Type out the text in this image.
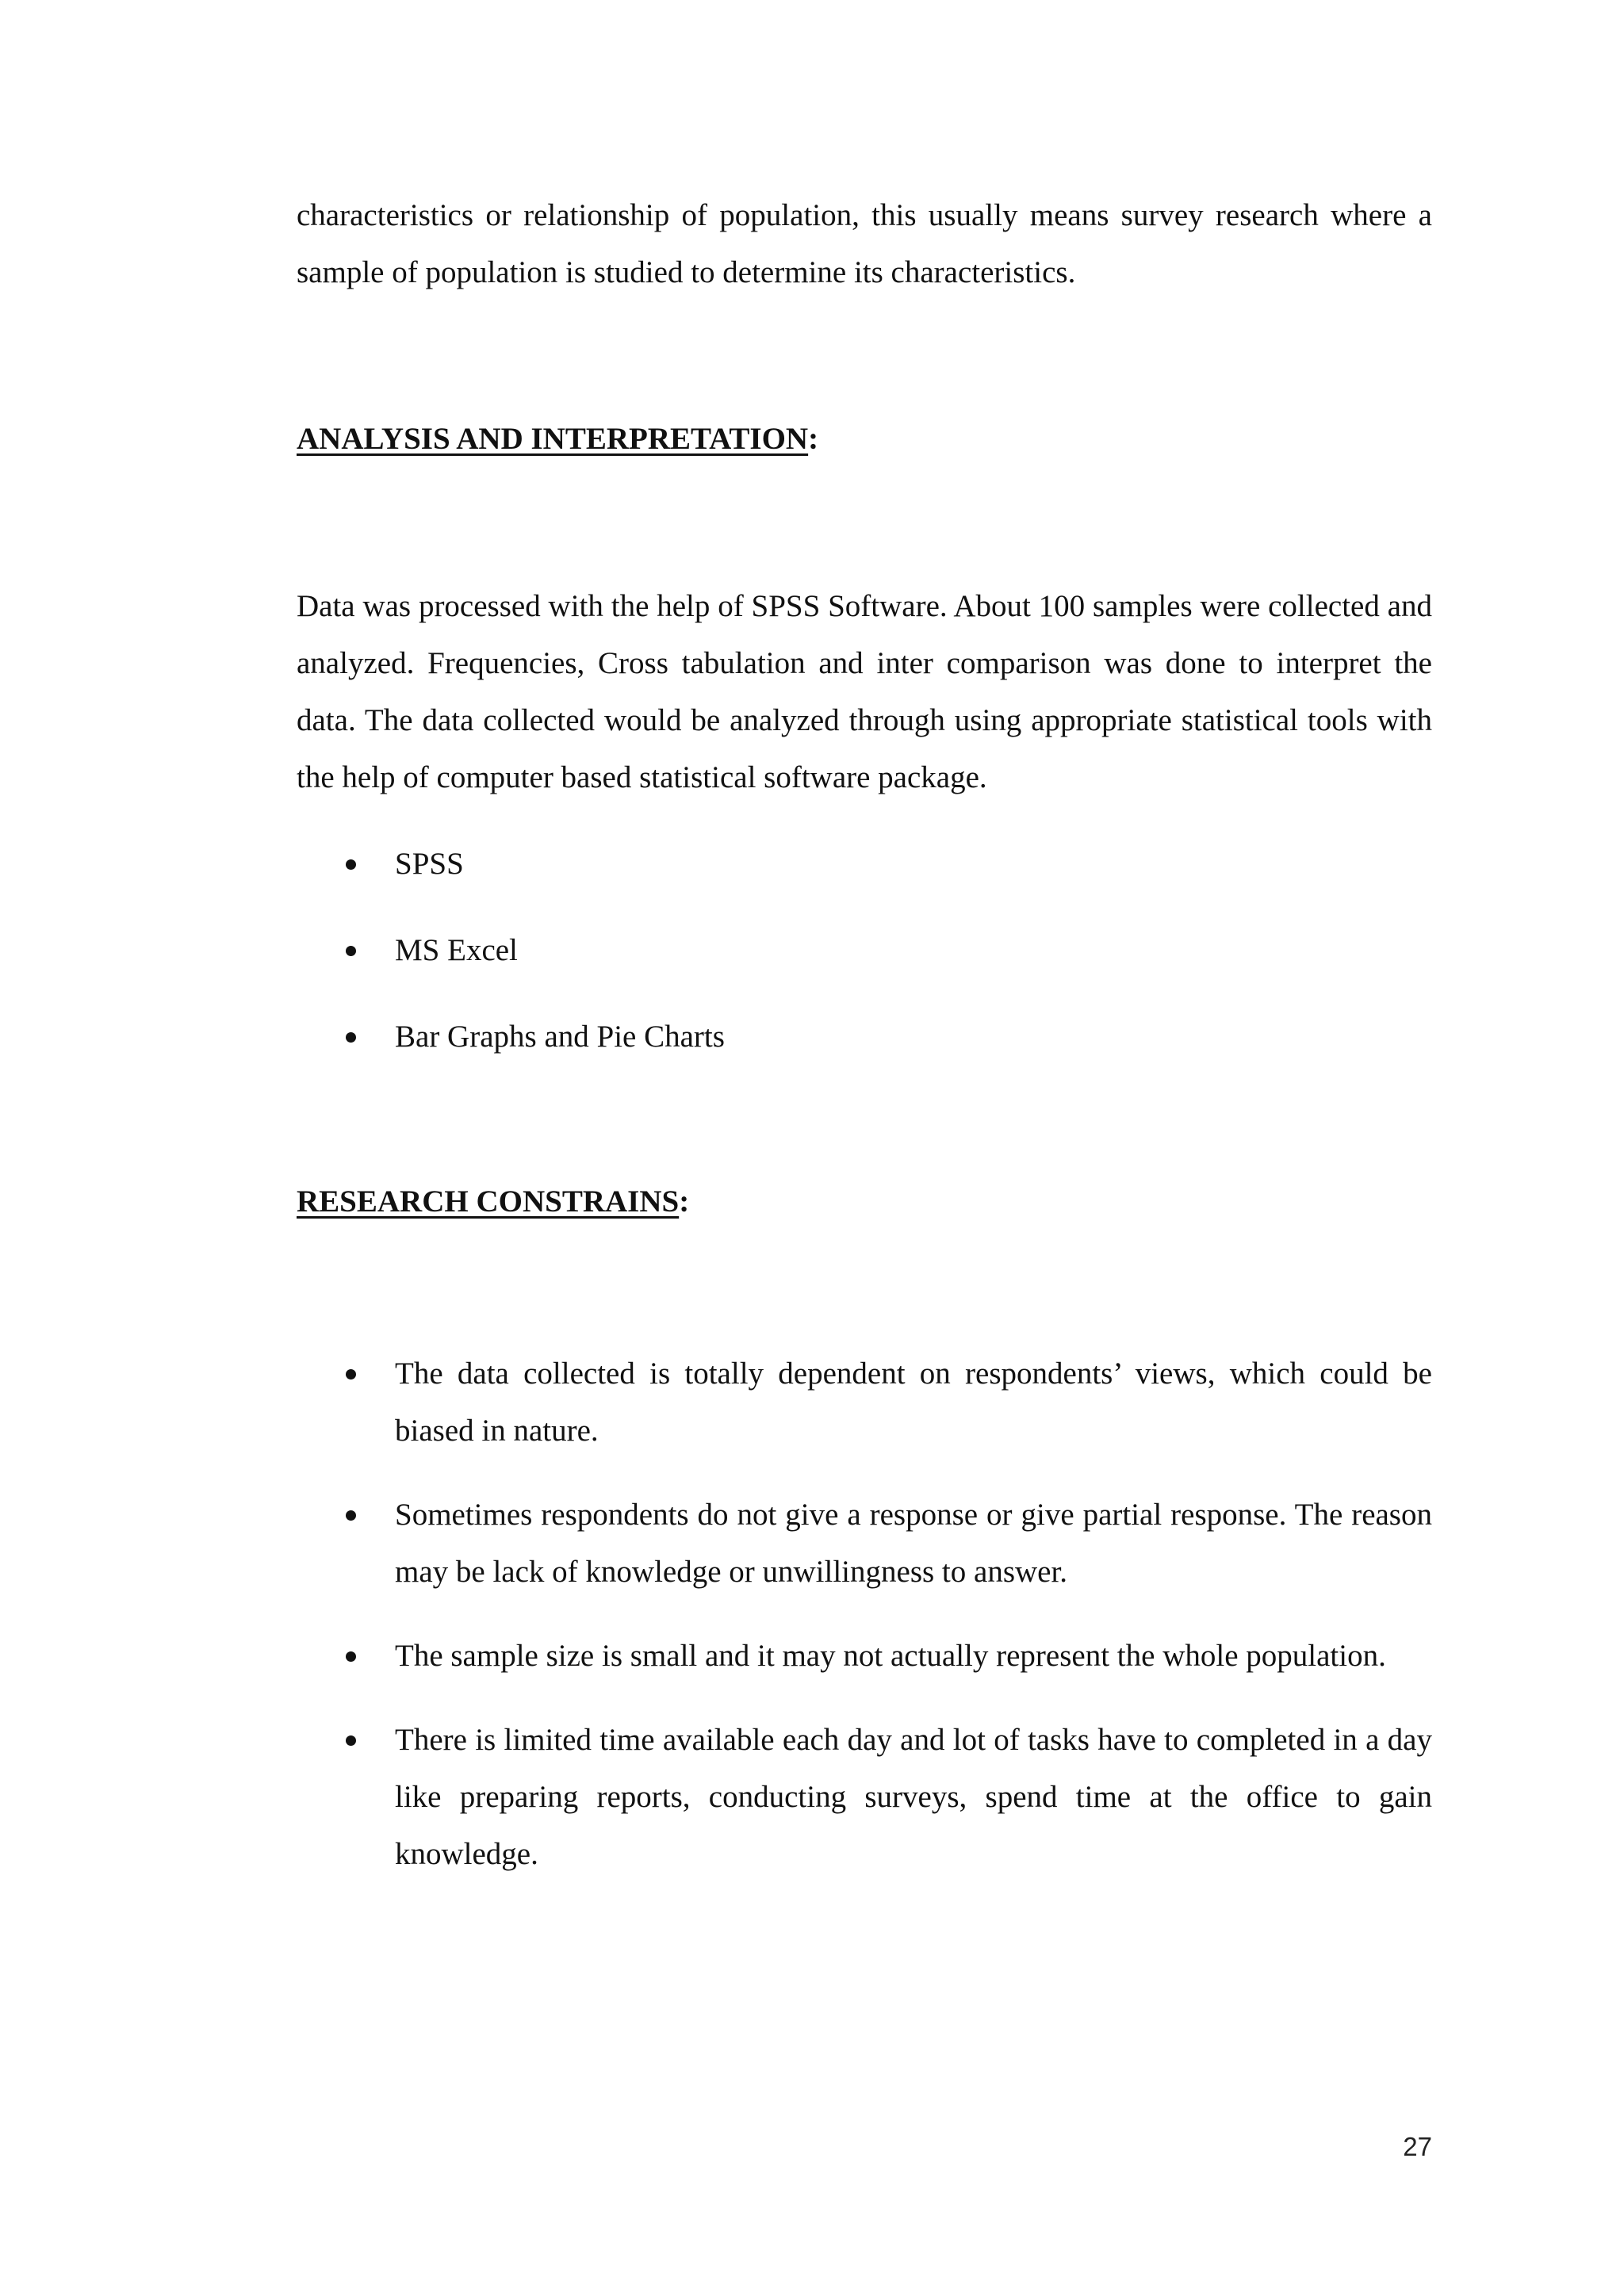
characteristics or relationship of population, this usually means survey research where a sample of population is studied to determine its characteristics.

ANALYSIS AND INTERPRETATION:

Data was processed with the help of SPSS Software. About 100 samples were collected and analyzed. Frequencies, Cross tabulation and inter comparison was done to interpret the data. The data collected would be analyzed through using appropriate statistical tools with the help of computer based statistical software package.

SPSS
MS Excel
Bar Graphs and Pie Charts
RESEARCH CONSTRAINS:
The data collected is totally dependent on respondents’ views, which could be biased in nature.
Sometimes respondents do not give a response or give partial response. The reason may be lack of knowledge or unwillingness to answer.
The sample size is small and it may not actually represent the whole population.
There is limited time available each day and lot of tasks have to completed in a day like preparing reports, conducting surveys, spend time at the office to gain knowledge.
27
